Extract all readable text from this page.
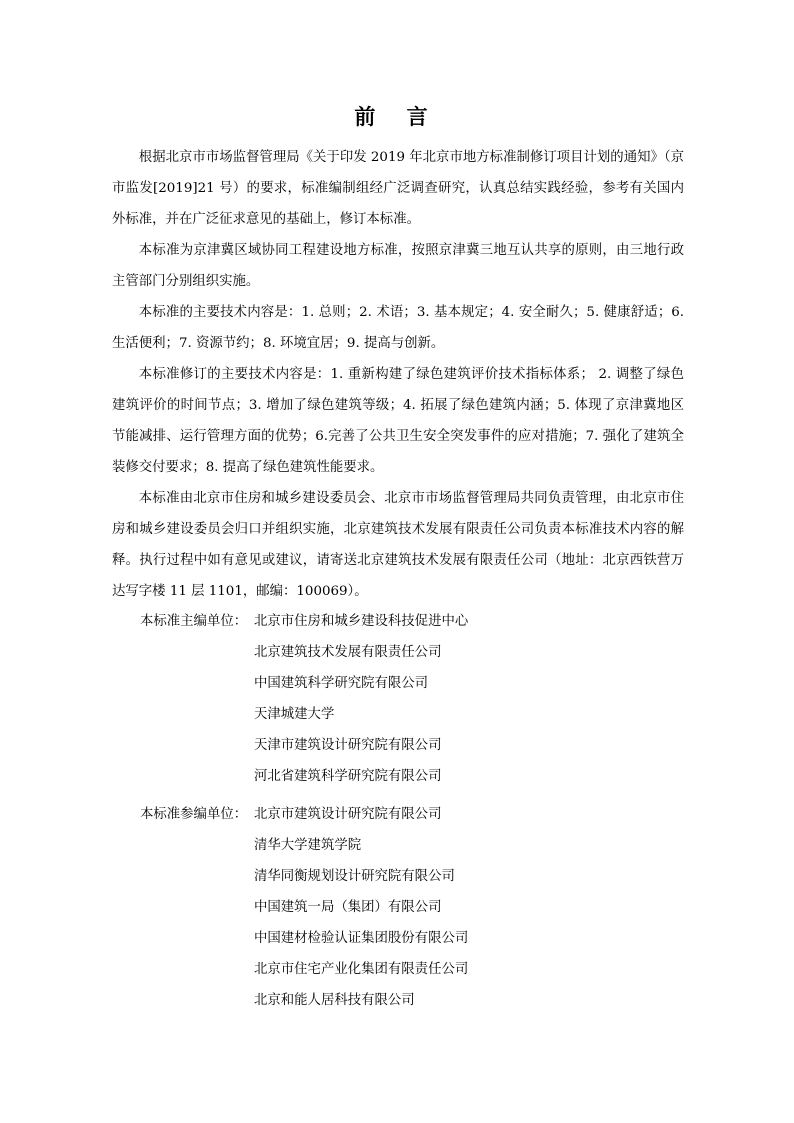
前 言

根据北京市市场监督管理局《关于印发 2019 年北京市地方标准制修订项目计划的通知》（京市监发[2019]21 号）的要求，标准编制组经广泛调查研究，认真总结实践经验，参考有关国内外标准，并在广泛征求意见的基础上，修订本标准。

本标准为京津冀区域协同工程建设地方标准，按照京津冀三地互认共享的原则，由三地行政主管部门分别组织实施。

本标准的主要技术内容是：1. 总则；2. 术语；3. 基本规定；4. 安全耐久；5. 健康舒适；6. 生活便利；7. 资源节约；8. 环境宜居；9. 提高与创新。

本标准修订的主要技术内容是：1. 重新构建了绿色建筑评价技术指标体系； 2. 调整了绿色建筑评价的时间节点；3. 增加了绿色建筑等级；4. 拓展了绿色建筑内涵；5. 体现了京津冀地区节能减排、运行管理方面的优势；6.完善了公共卫生安全突发事件的应对措施；7. 强化了建筑全装修交付要求；8. 提高了绿色建筑性能要求。

本标准由北京市住房和城乡建设委员会、北京市市场监督管理局共同负责管理，由北京市住房和城乡建设委员会归口并组织实施，北京建筑技术发展有限责任公司负责本标准技术内容的解释。执行过程中如有意见或建议，请寄送北京建筑技术发展有限责任公司（地址：北京西铁营万达写字楼 11 层 1101，邮编：100069）。

本标准主编单位： 北京市住房和城乡建设科技促进中心
北京建筑技术发展有限责任公司
中国建筑科学研究院有限公司
天津城建大学
天津市建筑设计研究院有限公司
河北省建筑科学研究院有限公司
本标准参编单位： 北京市建筑设计研究院有限公司
清华大学建筑学院
清华同衡规划设计研究院有限公司
中国建筑一局（集团）有限公司
中国建材检验认证集团股份有限公司
北京市住宅产业化集团有限责任公司
北京和能人居科技有限公司
